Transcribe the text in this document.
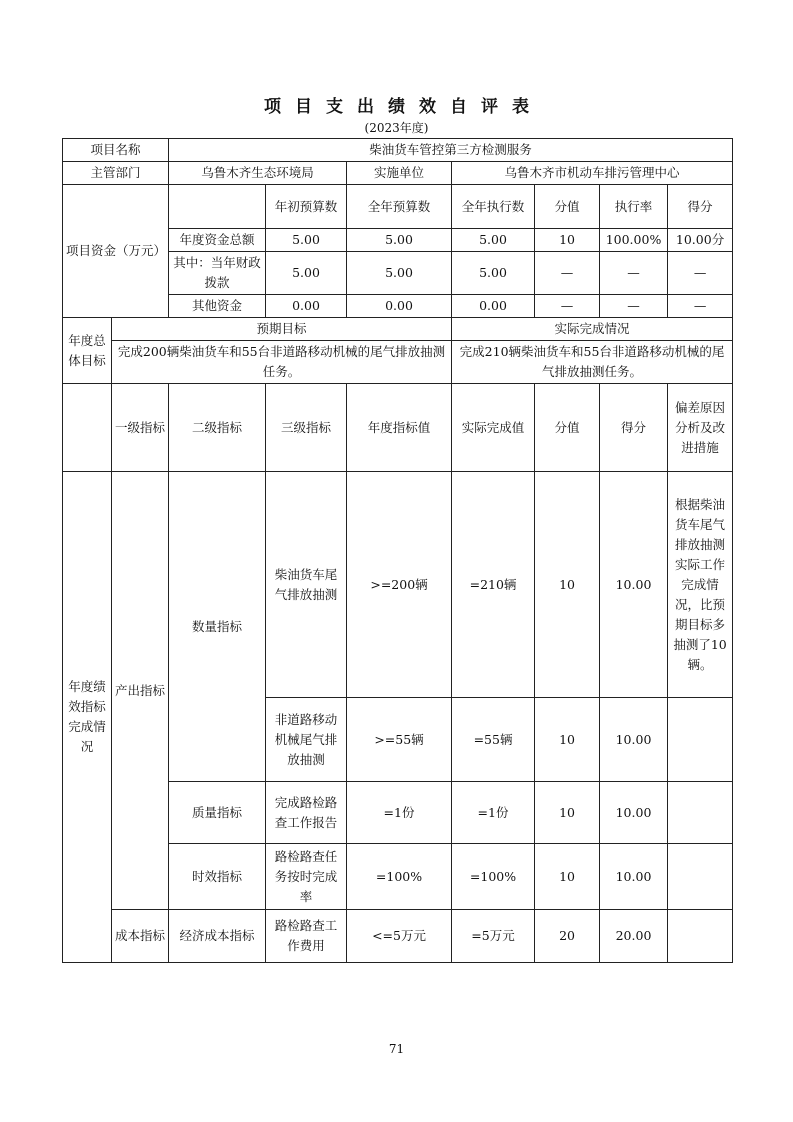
项目支出绩效自评表
(2023年度)
项目名称		柴油货车管控第三方检测服务						
主管部门		乌鲁木齐生态环境局		实施单位	乌鲁木齐市机动车排污管理中心			
项目资金（万元）			年初预算数	全年预算数	全年执行数	分值	执行率	得分
		年度资金总额	5.00	5.00	5.00	10	100.00%	10.00分
		其中：当年财政拨款	5.00	5.00	5.00	—	—	—
		其他资金	0.00	0.00	0.00	—	—	—
年度总体目标	预期目标				实际完成情况			
	完成200辆柴油货车和55台非道路移动机械的尾气排放抽测任务。				完成210辆柴油货车和55台非道路移动机械的尾气排放抽测任务。			
	一级指标	二级指标	三级指标	年度指标值	实际完成值	分值	得分	偏差原因分析及改进措施
年度绩效指标完成情况	产出指标	数量指标	柴油货车尾气排放抽测	>=200辆	=210辆	10	10.00	根据柴油货车尾气排放抽测实际工作完成情况，比预期目标多抽测了10辆。
			非道路移动机械尾气排放抽测	>=55辆	=55辆	10	10.00	
		质量指标	完成路检路查工作报告	=1份	=1份	10	10.00	
		时效指标	路检路查任务按时完成率	=100%	=100%	10	10.00	
	成本指标	经济成本指标	路检路查工作费用	<=5万元	=5万元	20	20.00	
71
